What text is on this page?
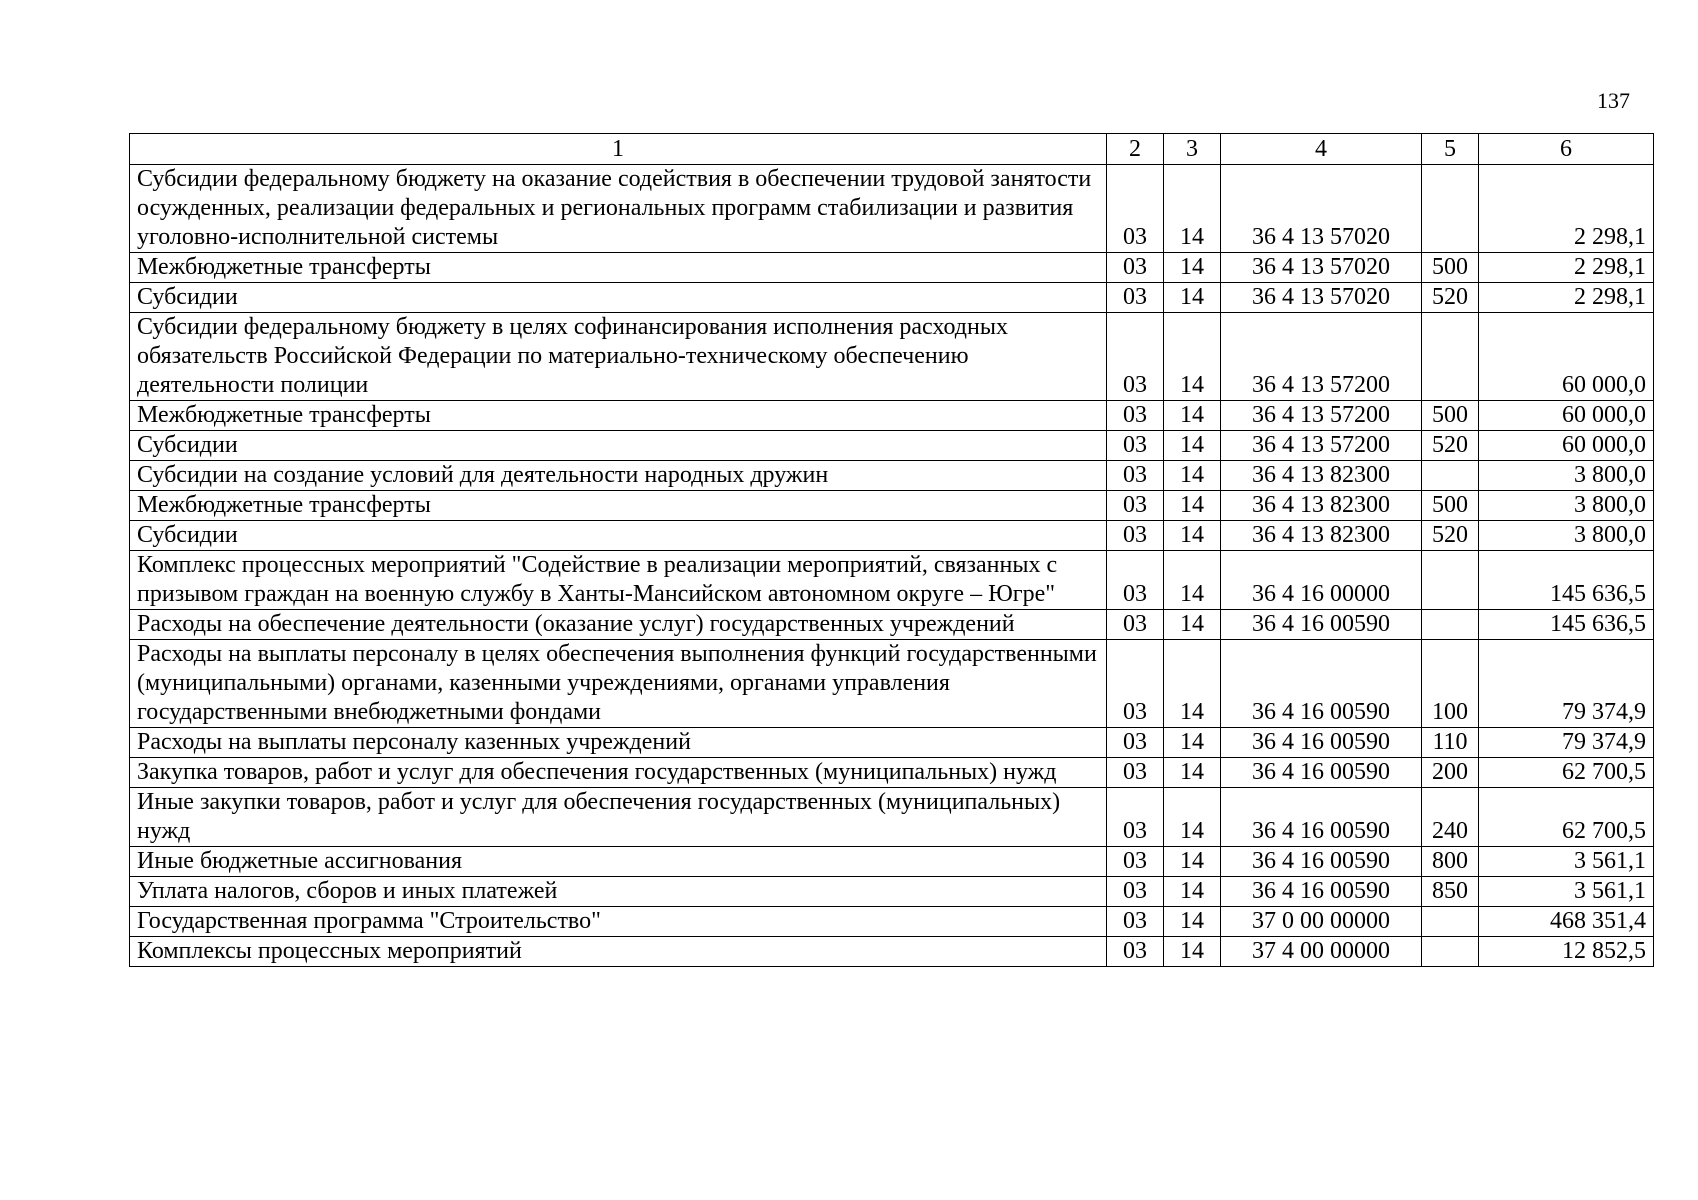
137
1	2	3	4	5	6
Субсидии федеральному бюджету на оказание содействия в обеспечении трудовой занятости осужденных, реализации федеральных и региональных программ стабилизации и развития уголовно-исполнительной системы	03	14	36 4 13 57020		2 298,1
Межбюджетные трансферты	03	14	36 4 13 57020	500	2 298,1
Субсидии	03	14	36 4 13 57020	520	2 298,1
Субсидии федеральному бюджету в целях софинансирования исполнения расходных обязательств Российской Федерации по материально-техническому обеспечению деятельности полиции	03	14	36 4 13 57200		60 000,0
Межбюджетные трансферты	03	14	36 4 13 57200	500	60 000,0
Субсидии	03	14	36 4 13 57200	520	60 000,0
Субсидии на создание условий для деятельности народных дружин	03	14	36 4 13 82300		3 800,0
Межбюджетные трансферты	03	14	36 4 13 82300	500	3 800,0
Субсидии	03	14	36 4 13 82300	520	3 800,0
Комплекс процессных мероприятий "Содействие в реализации мероприятий, связанных с призывом граждан на военную службу в Ханты-Мансийском автономном округе – Югре"	03	14	36 4 16 00000		145 636,5
Расходы на обеспечение деятельности (оказание услуг) государственных учреждений	03	14	36 4 16 00590		145 636,5
Расходы на выплаты персоналу в целях обеспечения выполнения функций государственными (муниципальными) органами, казенными учреждениями, органами управления государственными внебюджетными фондами	03	14	36 4 16 00590	100	79 374,9
Расходы на выплаты персоналу казенных учреждений	03	14	36 4 16 00590	110	79 374,9
Закупка товаров, работ и услуг для обеспечения государственных (муниципальных) нужд	03	14	36 4 16 00590	200	62 700,5
Иные закупки товаров, работ и услуг для обеспечения государственных (муниципальных) нужд	03	14	36 4 16 00590	240	62 700,5
Иные бюджетные ассигнования	03	14	36 4 16 00590	800	3 561,1
Уплата налогов, сборов и иных платежей	03	14	36 4 16 00590	850	3 561,1
Государственная программа "Строительство"	03	14	37 0 00 00000		468 351,4
Комплексы процессных мероприятий	03	14	37 4 00 00000		12 852,5
